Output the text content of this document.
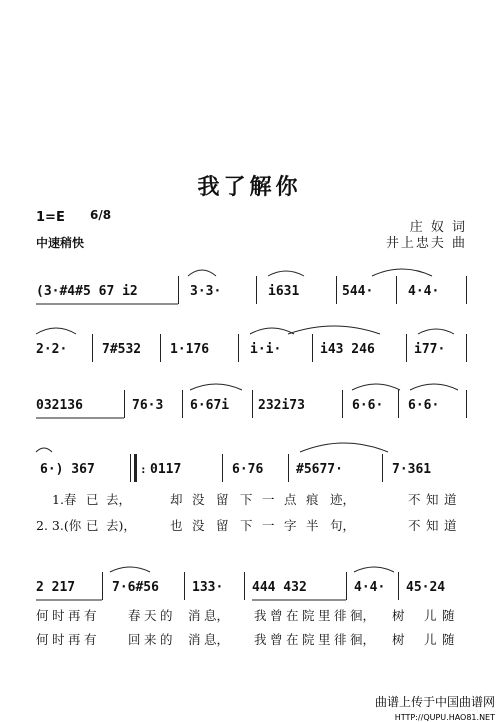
我了解你
1=E 6/8
中速稍快
庄 奴 词
井上忠夫 曲
(3·#4#5 67 i2	3·3·	i631	544·	4·4·
2·2·	7#532 1·176	i·i·	i43 246	i77·
032136	76·3 6·67i 232i73	6·6· 6·6·
6·) 367	: 0117	6·76	#5677·	7·361
1.春 已 去，	却 没 留 下 一 点 痕 迹，	不 知 道
2. 3.(你 已 去)，	也 没 留 下 一 字 半 句，	不 知 道
2 217	7·6#56	133· 444 432	4·4· 45·24
何 时 再 有	春 天 的 消 息， 我 曾 在 院 里 徘 徊， 树 儿 随
何 时 再 有	回 来 的 消 息， 我 曾 在 院 里 徘 徊， 树 儿 随
曲谱上传于中国曲谱网
HTTP://QUPU.HAO81.NET
